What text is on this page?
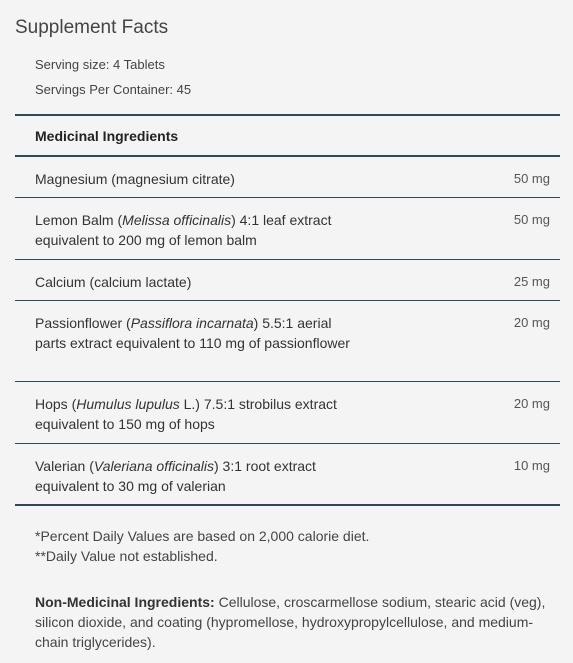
Supplement Facts
Serving size: 4 Tablets
Servings Per Container: 45
Medicinal Ingredients
Magnesium (magnesium citrate)	50 mg
Lemon Balm (Melissa officinalis) 4:1 leaf extract equivalent to 200 mg of lemon balm
50 mg
Calcium (calcium lactate)	25 mg
Passionflower (Passiflora incarnata) 5.5:1 aerial parts extract equivalent to 110 mg of passionflower
20 mg
Hops (Humulus lupulus L.) 7.5:1 strobilus extract equivalent to 150 mg of hops
20 mg
Valerian (Valeriana officinalis) 3:1 root extract equivalent to 30 mg of valerian
10 mg
*Percent Daily Values are based on 2,000 calorie diet.
**Daily Value not established.
Non-Medicinal Ingredients: Cellulose, croscarmellose sodium, stearic acid (veg), silicon dioxide, and coating (hypromellose, hydroxypropylcellulose, and medium-chain triglycerides).
